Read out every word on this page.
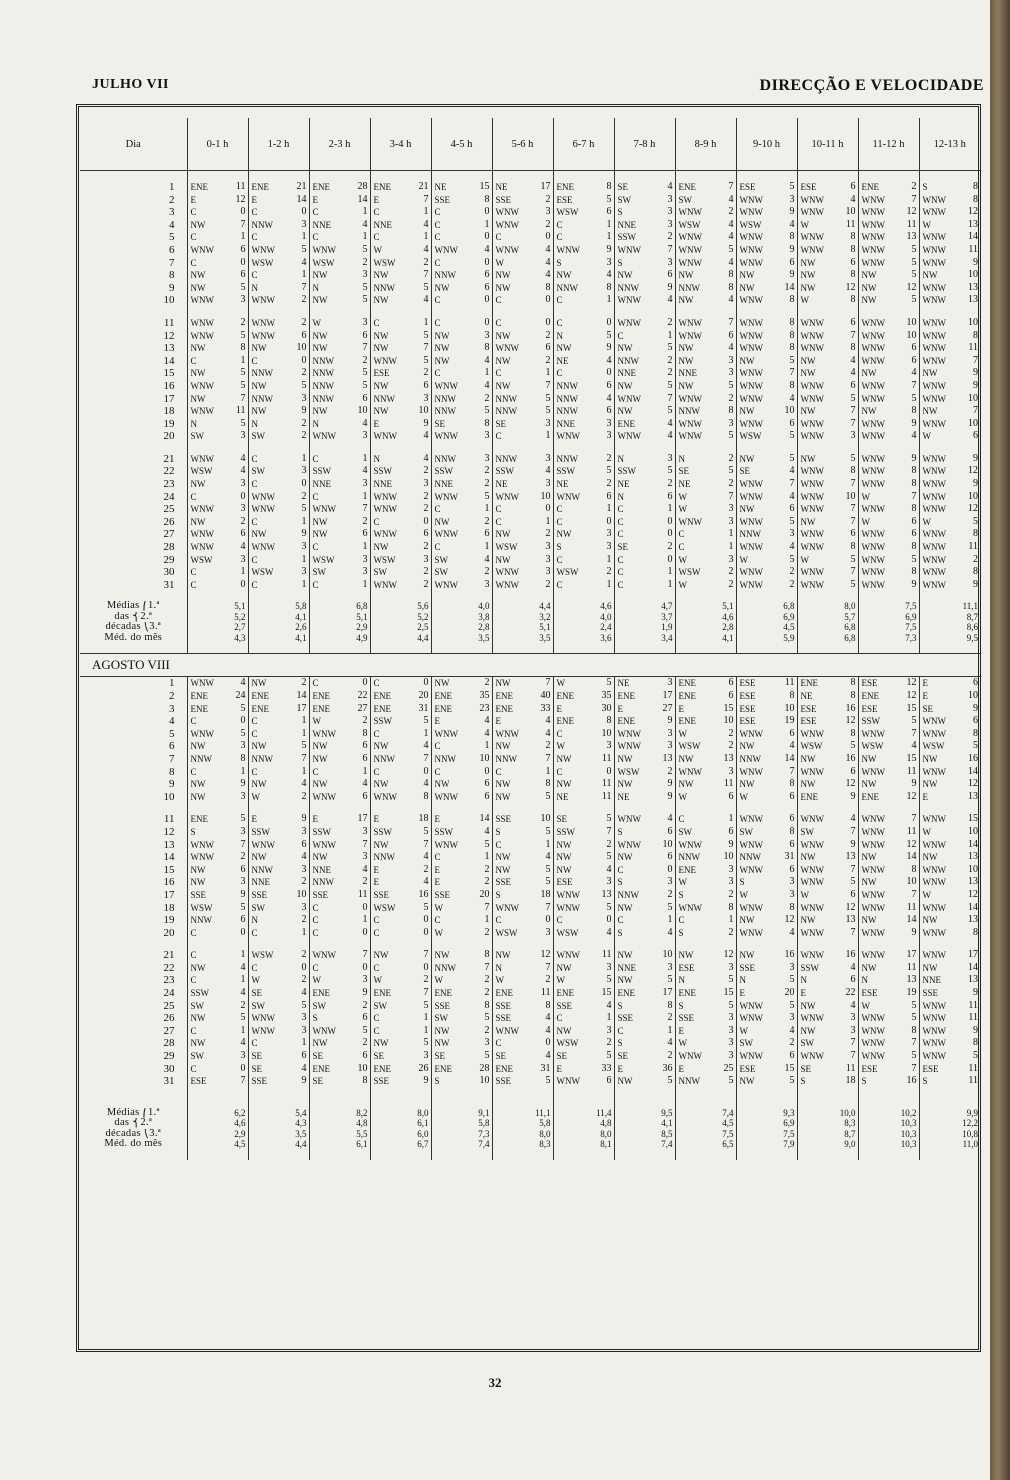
JULHO VII	DIRECÇÃO E VELOCIDADE
Dia	0-1 h	1-2 h	2-3 h	3-4 h	4-5 h	5-6 h	6-7 h	7-8 h	8-9 h	9-10 h	10-11 h	11-12 h	12-13 h

1	ENE 11	ENE 21	ENE 28	ENE 21	NE 15	NE 17	ENE 8	SE 4	ENE 7	ESE 5	ESE 6	ENE 2	S 8

2	E 12	E 14	E 14	E 7	SSE 8	SSE 2	ESE 5	SW 3	SW 4	WNW 3	WNW 4	WNW 7	WNW 8

3	C 0	C 0	C 1	C 1	C 0	WNW 3	WSW 6	S 3	WNW 2	WNW 9	WNW 10	WNW 12	WNW 12

4	NW 7	NNW 3	NNE 4	NNE 4	C 1	WNW 2	C 1	NNE 3	WSW 4	WSW 4	W 11	WNW 11	W 13

5	C 1	C 1	C 1	C 1	C 0	C 0	C 1	SSW 2	WNW 4	WNW 8	WNW 8	WNW 13	WNW 14

6	WNW 6	WNW 5	WNW 5	W 4	WNW 4	WNW 4	WNW 9	WNW 7	WNW 5	WNW 9	WNW 8	WNW 5	WNW 11

7	C 0	WSW 4	WSW 2	WSW 2	C 0	W 4	S 3	S 3	WNW 4	WNW 6	NW 6	WNW 5	WNW 9

8	NW 6	C 1	NW 3	NW 7	NNW 6	NW 4	NW 4	NW 6	NW 8	NW 9	NW 8	NW 5	NW 10

9	NW 5	N 7	N 5	NNW 5	NW 6	NW 8	NNW 8	NNW 9	NNW 8	NW 14	NW 12	NW 12	WNW 13

10	WNW 3	WNW 2	NW 5	NW 4	C 0	C 0	C 1	WNW 4	NW 4	WNW 8	W 8	NW 5	WNW 13

11	WNW 2	WNW 2	W 3	C 1	C 0	C 0	C 0	WNW 2	WNW 7	WNW 8	WNW 6	WNW 10	WNW 10

12	WNW 5	WNW 6	NW 6	NW 5	NW 3	NW 2	N 5	C 1	WNW 6	WNW 8	WNW 7	WNW 10	WNW 8

13	NW 8	NW 10	NW 7	NW 7	NW 8	WNW 6	NW 9	NW 5	NW 4	WNW 8	WNW 8	WNW 6	WNW 11

14	C 1	C 0	NNW 2	WNW 5	NW 4	NW 2	NE 4	NNW 2	NW 3	NW 5	NW 4	WNW 6	WNW 7

15	NW 5	NNW 2	NNW 5	ESE 2	C 1	C 1	C 0	NNE 2	NNE 3	WNW 7	NW 4	NW 4	NW 9

16	WNW 5	NW 5	NNW 5	NW 6	WNW 4	NW 7	NNW 6	NW 5	NW 5	WNW 8	WNW 6	WNW 7	WNW 9

17	NW 7	NNW 3	NNW 6	NNW 3	NNW 2	NNW 5	NNW 4	WNW 7	WNW 2	WNW 4	WNW 5	WNW 5	WNW 10

18	WNW 11	NW 9	NW 10	NW 10	NNW 5	NNW 5	NNW 6	NW 5	NNW 8	NW 10	NW 7	NW 8	NW 7

19	N 5	N 2	N 4	E 9	SE 8	SE 3	NNE 3	ENE 4	WNW 3	WNW 6	WNW 7	WNW 9	WNW 10

20	SW 3	SW 2	WNW 3	WNW 4	WNW 3	C 1	WNW 3	WNW 4	WNW 5	WSW 5	WNW 3	WNW 4	W 6

21	WNW 4	C 1	C 1	N 4	NNW 3	NNW 3	NNW 2	N 3	N 2	NW 5	NW 5	WNW 9	WNW 9

22	WSW 4	SW 3	SSW 4	SSW 2	SSW 2	SSW 4	SSW 5	SSW 5	SE 5	SE 4	WNW 8	WNW 8	WNW 12

23	NW 3	C 0	NNE 3	NNE 3	NNE 2	NE 3	NE 2	NE 2	NE 2	WNW 7	WNW 7	WNW 8	WNW 9

24	C 0	WNW 2	C 1	WNW 2	WNW 5	WNW 10	WNW 6	N 6	W 7	WNW 4	WNW 10	W 7	WNW 10

25	WNW 3	WNW 5	WNW 7	WNW 2	C 1	C 0	C 1	C 1	W 3	NW 6	WNW 7	WNW 8	WNW 12

26	NW 2	C 1	NW 2	C 0	NW 2	C 1	C 0	C 0	WNW 3	WNW 5	NW 7	W 6	W 5

27	WNW 6	NW 9	NW 6	WNW 6	WNW 6	NW 2	NW 3	C 0	C 1	NNW 3	WNW 6	WNW 6	WNW 8

28	WNW 4	WNW 3	C 1	NW 2	C 1	WSW 3	S 3	SE 2	C 1	WNW 4	WNW 8	WNW 8	WNW 11

29	WSW 3	C 1	WSW 3	WSW 3	SW 4	NW 3	C 1	C 0	W 3	W 5	W 5	WNW 5	WNW 2

30	C 1	WSW 3	SW 3	SW 2	SW 2	WNW 3	WSW 2	C 1	WSW 2	WNW 2	WNW 7	WNW 8	WNW 8

31	C 0	C 1	C 1	WNW 2	WNW 3	WNW 2	C 1	C 1	W 2	WNW 2	WNW 5	WNW 9	WNW 9

Médias ⎛1.ª	5,1	5,8	6,8	5,6	4,0	4,4	4,6	4,7	5,1	6,8	8,0	7,5	11,1
das ⎨2.ª	5,2	4,1	5,1	5,2	3,8	3,2	4,0	3,7	4,6	6,9	5,7	6,9	8,7
décadas ⎝3.ª	2,7	2,6	2,9	2,5	2,8	5,1	2,4	1,9	2,8	4,5	6,8	7,5	8,6
Méd. do mês	4,3	4,1	4,9	4,4	3,5	3,5	3,6	3,4	4,1	5,9	6,8	7,3	9,5

AGOSTO VIII													
1	WNW 4	NW 2	C 0	C 0	NW 2	NW 7	W 5	NE 3	ENE 6	ESE 11	ENE 8	ESE 12	E 6

2	ENE 24	ENE 14	ENE 22	ENE 20	ENE 35	ENE 40	ENE 35	ENE 17	ENE 6	ESE 8	NE 8	ENE 12	E 10

3	ENE 5	ENE 17	ENE 27	ENE 31	ENE 23	ENE 33	E 30	E 27	E 15	ESE 10	ESE 16	ESE 15	SE 9

4	C 0	C 1	W 2	SSW 5	E 4	E 4	ENE 8	ENE 9	ENE 10	ESE 19	ESE 12	SSW 5	WNW 6

5	WNW 5	C 1	WNW 8	C 1	WNW 4	WNW 4	C 10	WNW 3	W 2	WNW 6	WNW 8	WNW 7	WNW 8

6	NW 3	NW 5	NW 6	NW 4	C 1	NW 2	W 3	WNW 3	WSW 2	NW 4	WSW 5	WSW 4	WSW 5

7	NNW 8	NNW 7	NW 6	NNW 7	NNW 10	NNW 7	NW 11	NW 13	NW 13	NNW 14	NW 16	NW 15	NW 16

8	C 1	C 1	C 1	C 0	C 0	C 1	C 0	WSW 2	WNW 3	WNW 7	WNW 6	WNW 11	WNW 14

9	NW 9	NW 4	NW 4	NW 4	NW 6	NW 8	NW 11	NW 9	NW 11	NW 8	NW 12	NW 9	NW 12

10	NW 3	W 2	WNW 6	WNW 8	WNW 6	NW 5	NE 11	NE 9	W 6	W 6	ENE 9	ENE 12	E 13

11	ENE 5	E 9	E 17	E 18	E 14	SSE 10	SE 5	WNW 4	C 1	WNW 6	WNW 4	WNW 7	WNW 15

12	S 3	SSW 3	SSW 3	SSW 5	SSW 4	S 5	SSW 7	S 6	SW 6	SW 8	SW 7	WNW 11	W 10

13	WNW 7	WNW 6	WNW 7	NW 7	WNW 5	C 1	NW 2	WNW 10	WNW 9	WNW 6	WNW 9	WNW 12	WNW 14

14	WNW 2	NW 4	NW 3	NNW 4	C 1	NW 4	NW 5	NW 6	NNW 10	NNW 31	NW 13	NW 14	NW 13

15	NW 6	NNW 3	NNE 4	E 2	E 2	NW 5	NW 4	C 0	ENE 3	WNW 6	WNW 7	WNW 8	WNW 10

16	NW 3	NNE 2	NNW 2	E 4	E 2	SSE 5	ESE 3	S 3	W 3	S 3	WNW 5	NW 10	WNW 13

17	SSE 9	SSE 10	SSE 11	SSE 16	SSE 20	S 18	WNW 13	NNW 2	S 2	W 3	W 6	WNW 7	W 12

18	WSW 5	SW 3	C 0	WSW 5	W 7	WNW 7	WNW 5	NW 5	WNW 8	WNW 8	WNW 12	WNW 11	WNW 14

19	NNW 6	N 2	C 1	C 0	C 1	C 0	C 0	C 1	C 1	NW 12	NW 13	NW 14	NW 13

20	C 0	C 1	C 0	C 0	W 2	WSW 3	WSW 4	S 4	S 2	WNW 4	WNW 7	WNW 9	WNW 8

21	C 1	WSW 2	WNW 7	NW 7	NW 8	NW 12	WNW 11	NW 10	NW 12	NW 16	WNW 16	WNW 17	WNW 17

22	NW 4	C 0	C 0	C 0	NNW 7	N 7	NW 3	NNE 3	ESE 3	SSE 3	SSW 4	NW 11	NW 14

23	C 1	W 2	W 3	W 2	W 2	W 2	W 5	NW 5	N 5	N 5	N 6	N 13	NNE 13

24	SSW 4	SE 4	ENE 9	ENE 7	ENE 2	ENE 11	ENE 15	ENE 17	ENE 15	E 20	E 22	ESE 19	SSE 9

25	SW 2	SW 5	SW 2	SW 5	SSE 8	SSE 8	SSE 4	S 8	S 5	WNW 5	NW 4	W 5	WNW 11

26	NW 5	WNW 3	S 6	C 1	SW 5	SSE 4	C 1	SSE 2	SSE 3	WNW 3	WNW 3	WNW 5	WNW 11

27	C 1	WNW 3	WNW 5	C 1	NW 2	WNW 4	NW 3	C 1	E 3	W 4	NW 3	WNW 8	WNW 9

28	NW 4	C 1	NW 2	NW 5	NW 3	C 0	WSW 2	S 4	W 3	SW 2	SW 7	WNW 7	WNW 8

29	SW 3	SE 6	SE 6	SE 3	SE 5	SE 4	SE 5	SE 2	WNW 3	WNW 6	WNW 7	WNW 5	WNW 5

30	C 0	SE 4	ENE 10	ENE 26	ENE 28	ENE 31	E 33	E 36	E 25	ESE 15	SE 11	ESE 7	ESE 11

31	ESE 7	SSE 9	SE 8	SSE 9	S 10	SSE 5	WNW 6	NW 5	NNW 5	NW 5	S 18	S 16	S 11

Médias ⎛1.ª	6,2	5,4	8,2	8,0	9,1	11,1	11,4	9,5	7,4	9,3	10,0	10,2	9,9
das ⎨2.ª	4,6	4,3	4,8	6,1	5,8	5,8	4,8	4,1	4,5	6,9	8,3	10,3	12,2
décadas ⎝3.ª	2,9	3,5	5,5	6,0	7,3	8,0	8,0	8,5	7,5	7,5	8,7	10,3	10,8
Méd. do mês	4,5	4,4	6,1	6,7	7,4	8,3	8,1	7,4	6,5	7,9	9,0	10,3	11,0

32
